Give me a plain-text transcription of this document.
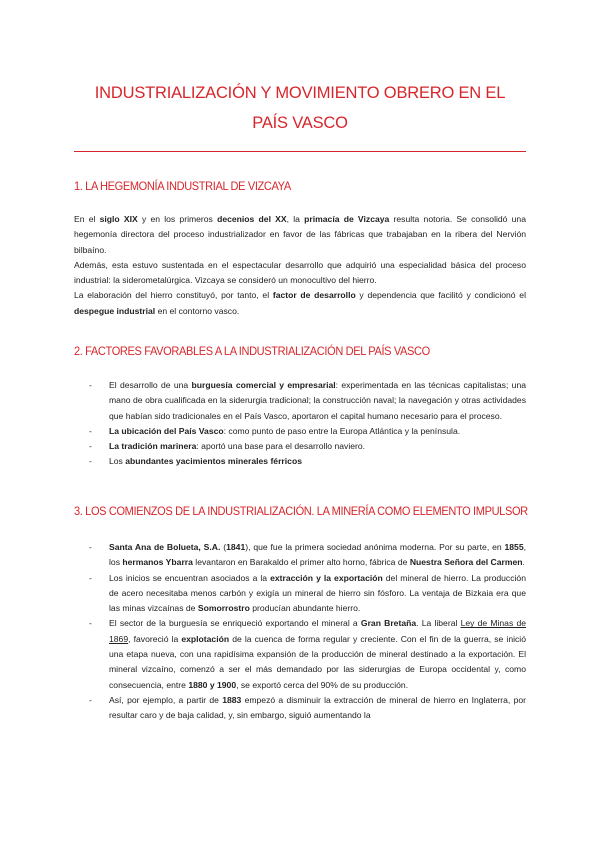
INDUSTRIALIZACIÓN Y MOVIMIENTO OBRERO EN EL
PAÍS VASCO
1. LA HEGEMONÍA INDUSTRIAL DE VIZCAYA
En el siglo XIX y en los primeros decenios del XX, la primacía de Vizcaya resulta notoria. Se consolidó una hegemonía directora del proceso industrializador en favor de las fábricas que trabajaban en la ribera del Nervión bilbaíno.
Además, esta estuvo sustentada en el espectacular desarrollo que adquirió una especialidad básica del proceso industrial: la siderometalúrgica. Vizcaya se consideró un monocultivo del hierro.
La elaboración del hierro constituyó, por tanto, el factor de desarrollo y dependencia que facilitó y condicionó el despegue industrial en el contorno vasco.
2. FACTORES FAVORABLES A LA INDUSTRIALIZACIÓN DEL PAÍS VASCO
- El desarrollo de una burguesía comercial y empresarial: experimentada en las técnicas capitalistas; una mano de obra cualificada en la siderurgia tradicional; la construcción naval; la navegación y otras actividades que habían sido tradicionales en el País Vasco, aportaron el capital humano necesario para el proceso.
- La ubicación del País Vasco: como punto de paso entre la Europa Atlántica y la península.
- La tradición marinera: aportó una base para el desarrollo naviero.
- Los abundantes yacimientos minerales férricos
3. LOS COMIENZOS DE LA INDUSTRIALIZACIÓN. LA MINERÍA COMO ELEMENTO IMPULSOR
- Santa Ana de Bolueta, S.A. (1841), que fue la primera sociedad anónima moderna. Por su parte, en 1855, los hermanos Ybarra levantaron en Barakaldo el primer alto horno, fábrica de Nuestra Señora del Carmen.
- Los inicios se encuentran asociados a la extracción y la exportación del mineral de hierro. La producción de acero necesitaba menos carbón y exigía un mineral de hierro sin fósforo. La ventaja de Bizkaia era que las minas vizcaínas de Somorrostro producían abundante hierro.
- El sector de la burguesía se enriqueció exportando el mineral a Gran Bretaña. La liberal Ley de Minas de 1869, favoreció la explotación de la cuenca de forma regular y creciente. Con el fin de la guerra, se inició una etapa nueva, con una rapidísima expansión de la producción de mineral destinado a la exportación. El mineral vizcaíno, comenzó a ser el más demandado por las siderurgias de Europa occidental y, como consecuencia, entre 1880 y 1900, se exportó cerca del 90% de su producción.
- Así, por ejemplo, a partir de 1883 empezó a disminuir la extracción de mineral de hierro en Inglaterra, por resultar caro y de baja calidad, y, sin embargo, siguió aumentando la
